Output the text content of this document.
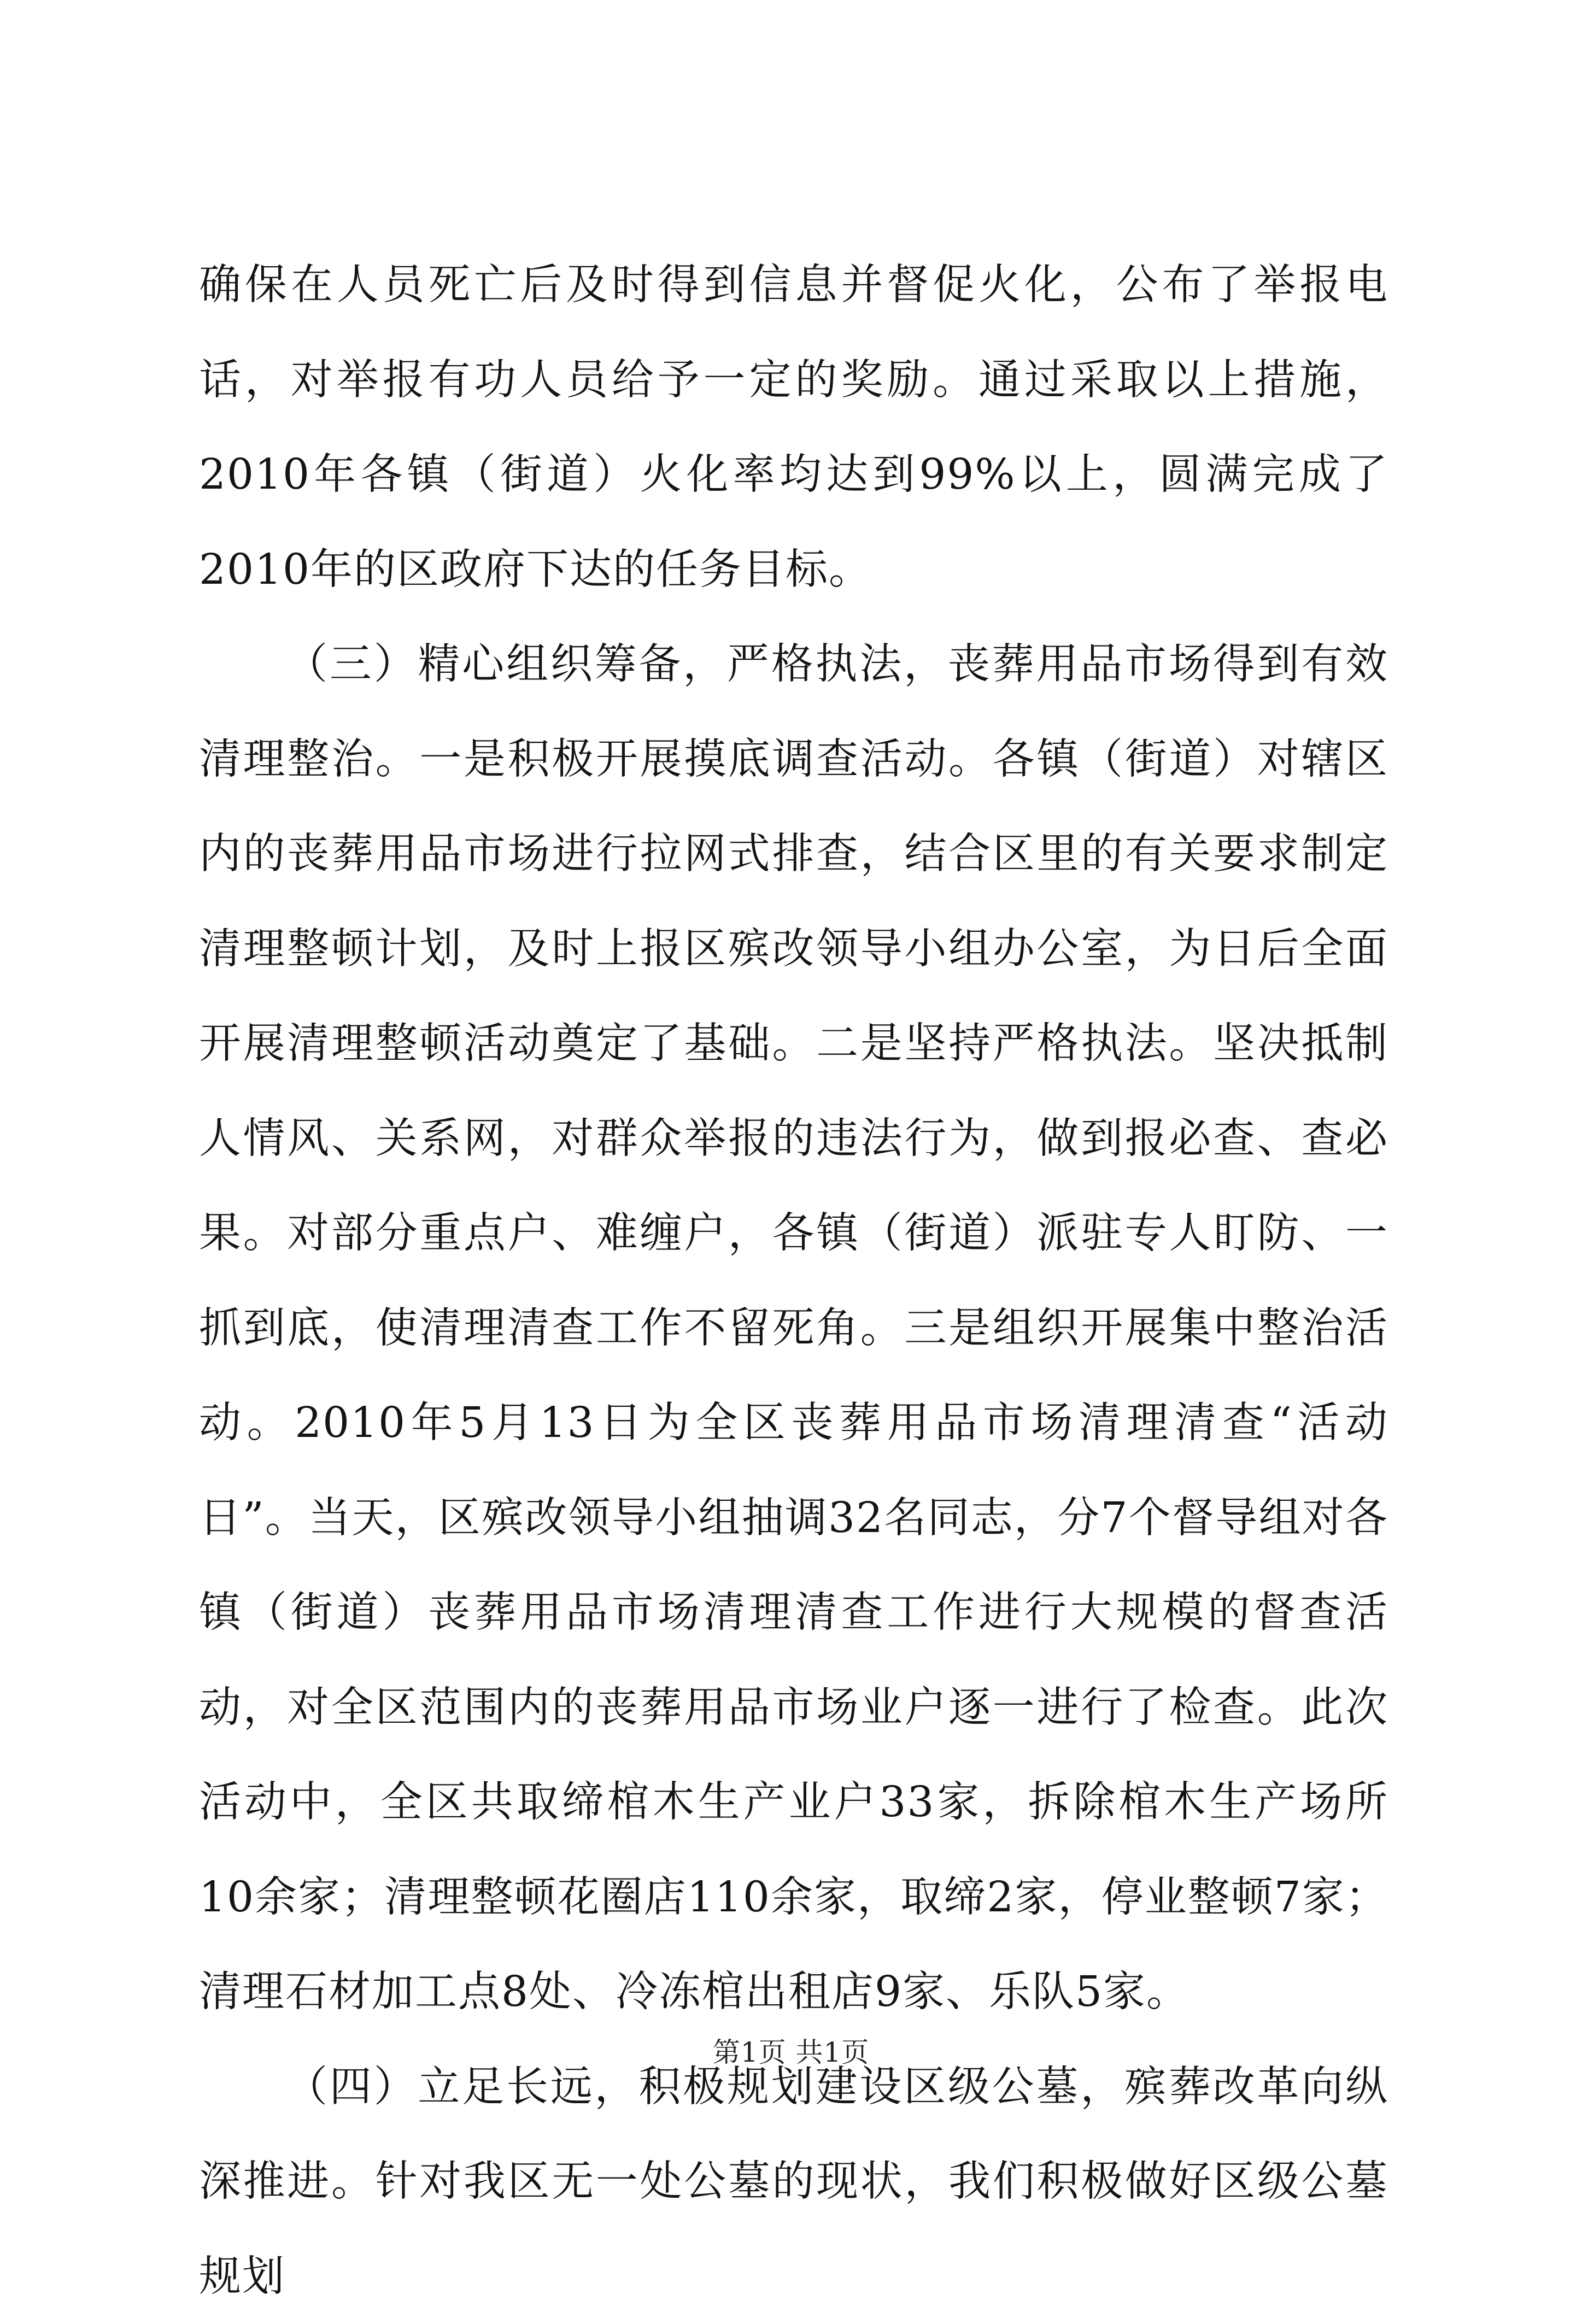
确保在人员死亡后及时得到信息并督促火化，公布了举报电话，对举报有功人员给予一定的奖励。通过采取以上措施，2010年各镇（街道）火化率均达到99%以上，圆满完成了2010年的区政府下达的任务目标。

（三）精心组织筹备，严格执法，丧葬用品市场得到有效清理整治。一是积极开展摸底调查活动。各镇（街道）对辖区内的丧葬用品市场进行拉网式排查，结合区里的有关要求制定清理整顿计划，及时上报区殡改领导小组办公室，为日后全面开展清理整顿活动奠定了基础。二是坚持严格执法。坚决抵制人情风、关系网，对群众举报的违法行为，做到报必查、查必果。对部分重点户、难缠户，各镇（街道）派驻专人盯防、一抓到底，使清理清查工作不留死角。三是组织开展集中整治活动。2010年5月13日为全区丧葬用品市场清理清查“活动日”。当天，区殡改领导小组抽调32名同志，分7个督导组对各镇（街道）丧葬用品市场清理清查工作进行大规模的督查活动，对全区范围内的丧葬用品市场业户逐一进行了检查。此次活动中，全区共取缔棺木生产业户33家，拆除棺木生产场所10余家；清理整顿花圈店110余家，取缔2家，停业整顿7家；清理石材加工点8处、冷冻棺出租店9家、乐队5家。

（四）立足长远，积极规划建设区级公墓，殡葬改革向纵深推进。针对我区无一处公墓的现状，我们积极做好区级公墓规划

第1页 共1页
